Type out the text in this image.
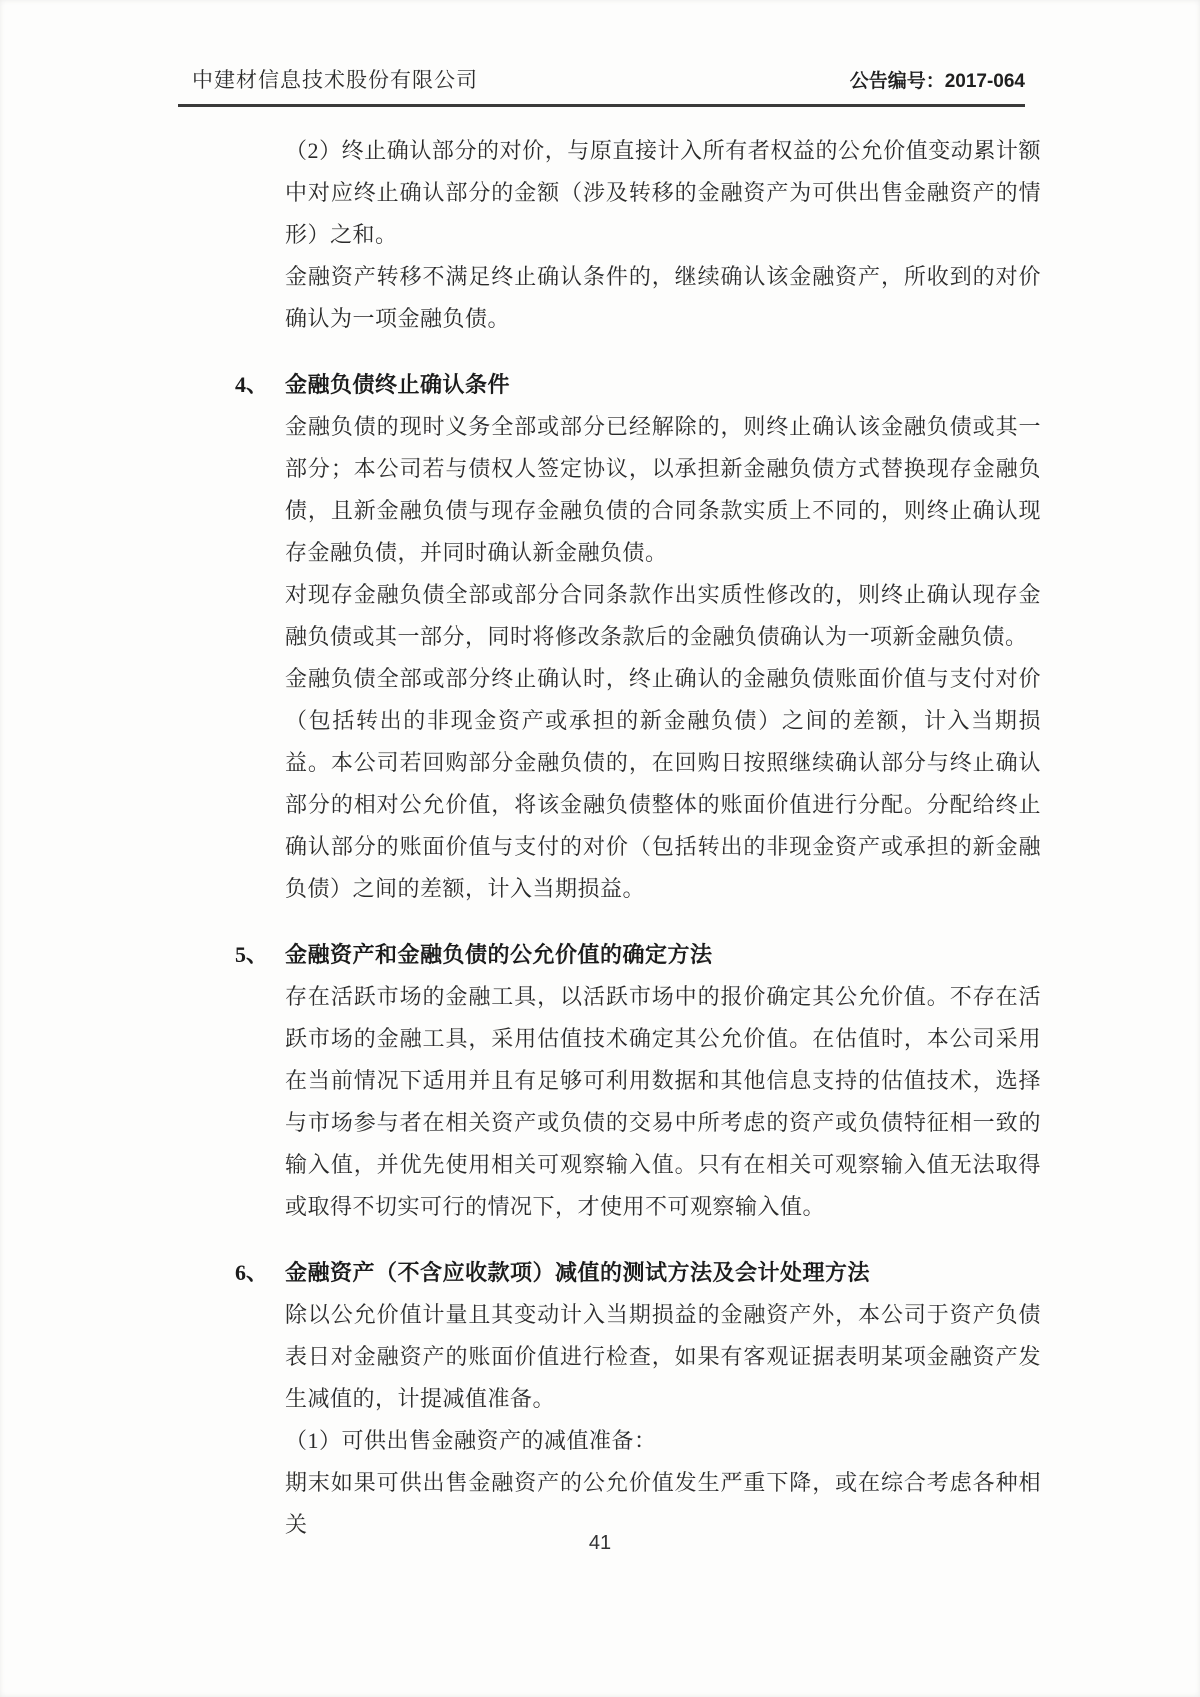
中建材信息技术股份有限公司	公告编号：2017-064

（2）终止确认部分的对价，与原直接计入所有者权益的公允价值变动累计额中对应终止确认部分的金额（涉及转移的金融资产为可供出售金融资产的情形）之和。

金融资产转移不满足终止确认条件的，继续确认该金融资产，所收到的对价确认为一项金融负债。

4、 金融负债终止确认条件

金融负债的现时义务全部或部分已经解除的，则终止确认该金融负债或其一部分；本公司若与债权人签定协议，以承担新金融负债方式替换现存金融负债，且新金融负债与现存金融负债的合同条款实质上不同的，则终止确认现存金融负债，并同时确认新金融负债。

对现存金融负债全部或部分合同条款作出实质性修改的，则终止确认现存金融负债或其一部分，同时将修改条款后的金融负债确认为一项新金融负债。

金融负债全部或部分终止确认时，终止确认的金融负债账面价值与支付对价（包括转出的非现金资产或承担的新金融负债）之间的差额，计入当期损益。本公司若回购部分金融负债的，在回购日按照继续确认部分与终止确认部分的相对公允价值，将该金融负债整体的账面价值进行分配。分配给终止确认部分的账面价值与支付的对价（包括转出的非现金资产或承担的新金融负债）之间的差额，计入当期损益。

5、 金融资产和金融负债的公允价值的确定方法

存在活跃市场的金融工具，以活跃市场中的报价确定其公允价值。不存在活跃市场的金融工具，采用估值技术确定其公允价值。在估值时，本公司采用在当前情况下适用并且有足够可利用数据和其他信息支持的估值技术，选择与市场参与者在相关资产或负债的交易中所考虑的资产或负债特征相一致的输入值，并优先使用相关可观察输入值。只有在相关可观察输入值无法取得或取得不切实可行的情况下，才使用不可观察输入值。

6、 金融资产（不含应收款项）减值的测试方法及会计处理方法

除以公允价值计量且其变动计入当期损益的金融资产外，本公司于资产负债表日对金融资产的账面价值进行检查，如果有客观证据表明某项金融资产发生减值的，计提减值准备。

（1）可供出售金融资产的减值准备：

期末如果可供出售金融资产的公允价值发生严重下降，或在综合考虑各种相关

41
